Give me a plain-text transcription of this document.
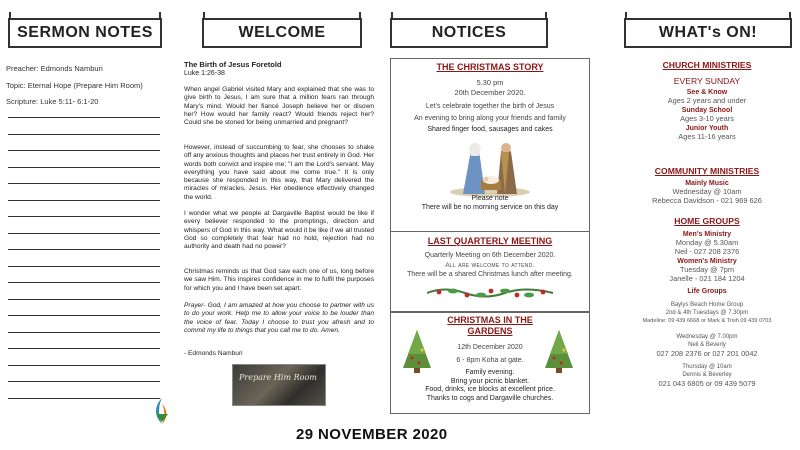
SERMON NOTES
Preacher: Edmonds Namburi
Topic: Eternal Hope (Prepare Him Room)
Scripture: Luke 5:11- 6:1-20
WELCOME
The Birth of Jesus Foretold
Luke 1:26-38
When angel Gabriel visited Mary and explained that she was to give birth to Jesus, I am sure that a million fears ran through Mary's mind. Would her fiancé Joseph believe her or disown her? How would her family react? Would friends reject her? Could she be stoned for being unmarried and pregnant?
However, instead of succumbing to fear, she chooses to shake off any anxious thoughts and places her trust entirely in God. Her words both convict and inspire me; "I am the Lord's servant. May everything you have said about me come true." It is only because she responded in this way, that Mary delivered the miracles of miracles, Jesus. Her obedience effectively changed the world.
I wonder what we people at Dargaville Baptist would be like if every believer responded to the promptings, direction and whispers of God in this way. What would it be like if we all trusted God so completely that fear had no hold, rejection had no authority and death had no power?
Christmas reminds us that God saw each one of us, long before we saw Him. This inspires confidence in me to fulfil the purposes for which you and I have been set apart.
Prayer- God, I am amazed at how you choose to partner with us to do your work. Help me to allow your voice to be louder than the voice of fear. Today I choose to trust you afresh and to commit my life to things that you call me to do. Amen.
- Edmonds Namburi
Prepare Him Room
NOTICES
THE CHRISTMAS STORY
5.30 pm
20th December 2020.
Let's celebrate together the birth of Jesus
An evening to bring along your friends and family
Shared finger food, sausages and cakes
Please note
There will be no morning service on this day
LAST QUARTERLY MEETING
Quarterly Meeting on 6th December 2020.
All are welcome to attend.
There will be a shared Christmas lunch after meeting.
CHRISTMAS IN THE
GARDENS
12th December 2020
6 - 8pm Koha at gate.
Family evening.
Bring your picnic blanket.
Food, drinks, ice blocks at excellent price.
Thanks to cogs and Dargaville churches.
WHAT's ON!
CHURCH MINISTRIES
EVERY SUNDAY
See & Know
Ages 2 years and under
Sunday School
Ages 3-10 years
Junior Youth
Ages 11-16 years
COMMUNITY MINISTRIES
Mainly Music
Wednesday @ 10am
Rebecca Davidson - 021 969 626
HOME GROUPS
Men's Ministry
Monday @ 5.30am
Neil - 027 208 2376
Women's Ministry
Tuesday @ 7pm
Janelle - 021 184 1204
Life Groups
Baylys Beach Home Group
2nd & 4th Tuesdays @ 7.30pm
Madeline: 09 439 6668 or Mark & Trish 09 439 0703
Wednesday @ 7.00pm
Neil & Beverly
027 208 2376 or 027 201 0042
Thursday @ 10am
Dennis & Beverley
021 043 6805 or 09 439 5079
29 NOVEMBER 2020
